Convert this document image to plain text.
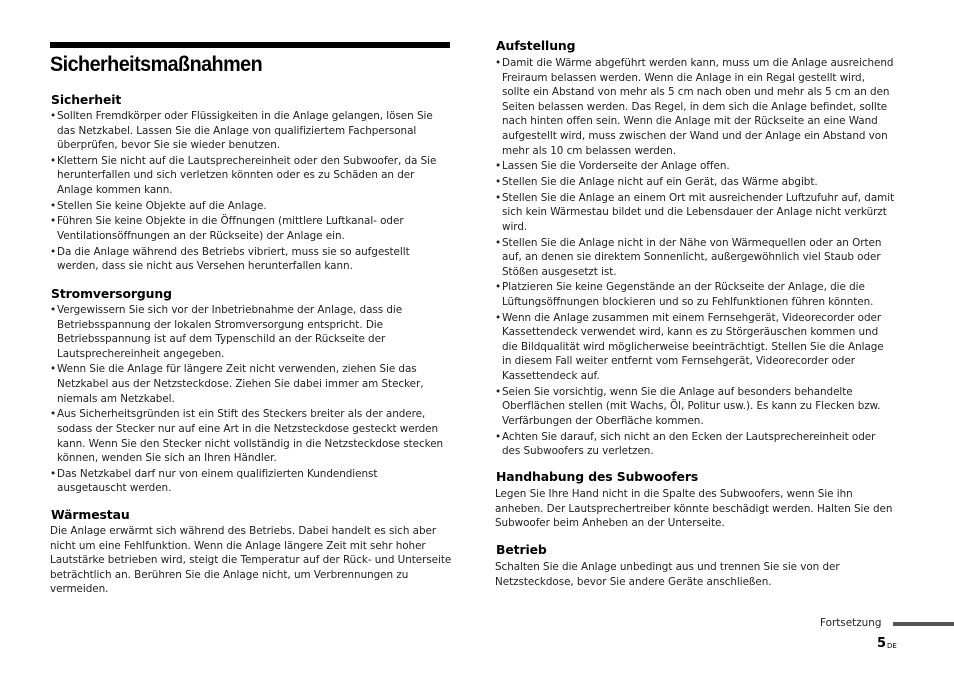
Sicherheitsmaßnahmen
Sicherheit
• Sollten Fremdkörper oder Flüssigkeiten in die Anlage gelangen, lösen Sie das Netzkabel. Lassen Sie die Anlage von qualifiziertem Fachpersonal überprüfen, bevor Sie sie wieder benutzen.
• Klettern Sie nicht auf die Lautsprechereinheit oder den Subwoofer, da Sie herunterfallen und sich verletzen könnten oder es zu Schäden an der Anlage kommen kann.
• Stellen Sie keine Objekte auf die Anlage.
• Führen Sie keine Objekte in die Öffnungen (mittlere Luftkanal- oder Ventilationsöffnungen an der Rückseite) der Anlage ein.
• Da die Anlage während des Betriebs vibriert, muss sie so aufgestellt werden, dass sie nicht aus Versehen herunterfallen kann.
Stromversorgung
• Vergewissern Sie sich vor der Inbetriebnahme der Anlage, dass die Betriebsspannung der lokalen Stromversorgung entspricht. Die Betriebsspannung ist auf dem Typenschild an der Rückseite der Lautsprechereinheit angegeben.
• Wenn Sie die Anlage für längere Zeit nicht verwenden, ziehen Sie das Netzkabel aus der Netzsteckdose. Ziehen Sie dabei immer am Stecker, niemals am Netzkabel.
• Aus Sicherheitsgründen ist ein Stift des Steckers breiter als der andere, sodass der Stecker nur auf eine Art in die Netzsteckdose gesteckt werden kann. Wenn Sie den Stecker nicht vollständig in die Netzsteckdose stecken können, wenden Sie sich an Ihren Händler.
• Das Netzkabel darf nur von einem qualifizierten Kundendienst ausgetauscht werden.
Wärmestau

Die Anlage erwärmt sich während des Betriebs. Dabei handelt es sich aber nicht um eine Fehlfunktion. Wenn die Anlage längere Zeit mit sehr hoher Lautstärke betrieben wird, steigt die Temperatur auf der Rück- und Unterseite beträchtlich an. Berühren Sie die Anlage nicht, um Verbrennungen zu vermeiden.

Aufstellung
• Damit die Wärme abgeführt werden kann, muss um die Anlage ausreichend Freiraum belassen werden. Wenn die Anlage in ein Regal gestellt wird, sollte ein Abstand von mehr als 5 cm nach oben und mehr als 5 cm an den Seiten belassen werden. Das Regel, in dem sich die Anlage befindet, sollte nach hinten offen sein. Wenn die Anlage mit der Rückseite an eine Wand aufgestellt wird, muss zwischen der Wand und der Anlage ein Abstand von mehr als 10 cm belassen werden.
• Lassen Sie die Vorderseite der Anlage offen.
• Stellen Sie die Anlage nicht auf ein Gerät, das Wärme abgibt.
• Stellen Sie die Anlage an einem Ort mit ausreichender Luftzufuhr auf, damit sich kein Wärmestau bildet und die Lebensdauer der Anlage nicht verkürzt wird.
• Stellen Sie die Anlage nicht in der Nähe von Wärmequellen oder an Orten auf, an denen sie direktem Sonnenlicht, außergewöhnlich viel Staub oder Stößen ausgesetzt ist.
• Platzieren Sie keine Gegenstände an der Rückseite der Anlage, die die Lüftungsöffnungen blockieren und so zu Fehlfunktionen führen könnten.
• Wenn die Anlage zusammen mit einem Fernsehgerät, Videorecorder oder Kassettendeck verwendet wird, kann es zu Störgeräuschen kommen und die Bildqualität wird möglicherweise beeinträchtigt. Stellen Sie die Anlage in diesem Fall weiter entfernt vom Fernsehgerät, Videorecorder oder Kassettendeck auf.
• Seien Sie vorsichtig, wenn Sie die Anlage auf besonders behandelte Oberflächen stellen (mit Wachs, Öl, Politur usw.). Es kann zu Flecken bzw. Verfärbungen der Oberfläche kommen.
• Achten Sie darauf, sich nicht an den Ecken der Lautsprechereinheit oder des Subwoofers zu verletzen.
Handhabung des Subwoofers

Legen Sie Ihre Hand nicht in die Spalte des Subwoofers, wenn Sie ihn anheben. Der Lautsprechertreiber könnte beschädigt werden. Halten Sie den Subwoofer beim Anheben an der Unterseite.

Betrieb

Schalten Sie die Anlage unbedingt aus und trennen Sie sie von der Netzsteckdose, bevor Sie andere Geräte anschließen.

Fortsetzung

5DE
